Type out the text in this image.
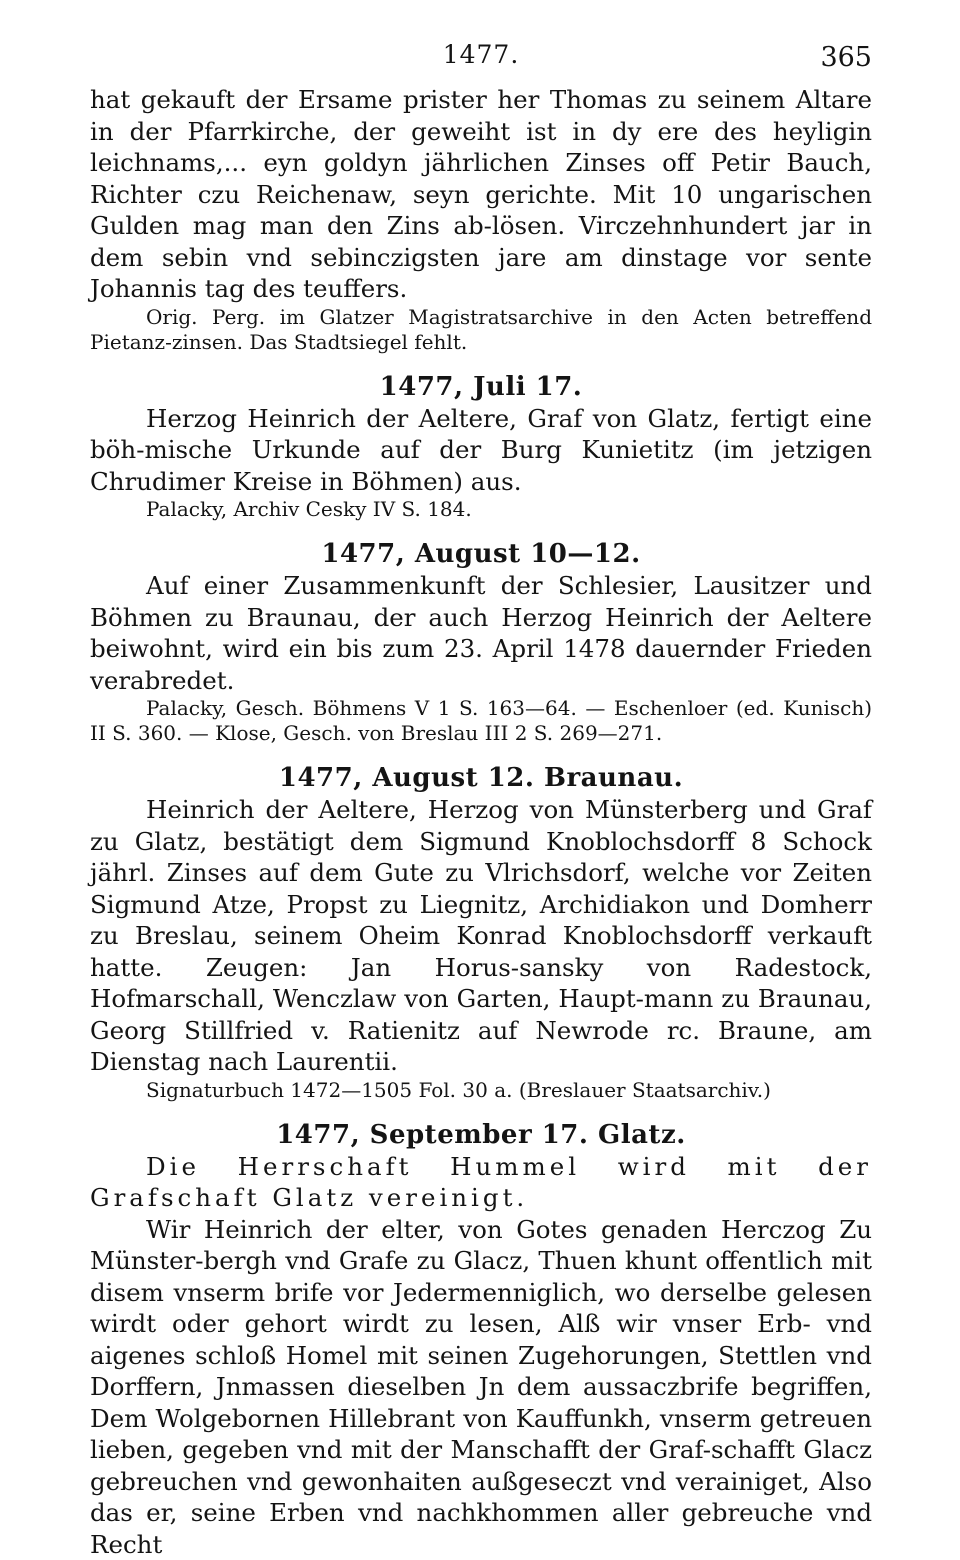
1477.	365

hat gekauft der Ersame prister her Thomas zu seinem Altare in der Pfarrkirche, der geweiht ist in dy ere des heyligin leichnams,... eyn goldyn jährlichen Zinses off Petir Bauch, Richter czu Reichenaw, seyn gerichte. Mit 10 ungarischen Gulden mag man den Zins ab-lösen. Virczehnhundert jar in dem sebin vnd sebinczigsten jare am dinstage vor sente Johannis tag des teuffers.

Orig. Perg. im Glatzer Magistratsarchive in den Acten betreffend Pietanz-zinsen. Das Stadtsiegel fehlt.

1477, Juli 17.

Herzog Heinrich der Aeltere, Graf von Glatz, fertigt eine böh-mische Urkunde auf der Burg Kunietitz (im jetzigen Chrudimer Kreise in Böhmen) aus.

Palacky, Archiv Cesky IV S. 184.

1477, August 10—12.

Auf einer Zusammenkunft der Schlesier, Lausitzer und Böhmen zu Braunau, der auch Herzog Heinrich der Aeltere beiwohnt, wird ein bis zum 23. April 1478 dauernder Frieden verabredet.

Palacky, Gesch. Böhmens V 1 S. 163—64. — Eschenloer (ed. Kunisch) II S. 360. — Klose, Gesch. von Breslau III 2 S. 269—271.

1477, August 12. Braunau.

Heinrich der Aeltere, Herzog von Münsterberg und Graf zu Glatz, bestätigt dem Sigmund Knoblochsdorff 8 Schock jährl. Zinses auf dem Gute zu Vlrichsdorf, welche vor Zeiten Sigmund Atze, Propst zu Liegnitz, Archidiakon und Domherr zu Breslau, seinem Oheim Konrad Knoblochsdorff verkauft hatte. Zeugen: Jan Horus-sansky von Radestock, Hofmarschall, Wenczlaw von Garten, Haupt-mann zu Braunau, Georg Stillfried v. Ratienitz auf Newrode rc. Braune, am Dienstag nach Laurentii.

Signaturbuch 1472—1505 Fol. 30 a. (Breslauer Staatsarchiv.)

1477, September 17. Glatz.

Die Herrschaft Hummel wird mit der Grafschaft Glatz vereinigt.

Wir Heinrich der elter, von Gotes genaden Herczog Zu Münster-bergh vnd Grafe zu Glacz, Thuen khunt offentlich mit disem vnserm brife vor Jedermenniglich, wo derselbe gelesen wirdt oder gehort wirdt zu lesen, Alß wir vnser Erb- vnd aigenes schloß Homel mit seinen Zugehorungen, Stettlen vnd Dorffern, Jnmassen dieselben Jn dem aussaczbrife begriffen, Dem Wolgebornen Hillebrant von Kauffunkh, vnserm getreuen lieben, gegeben vnd mit der Manschafft der Graf-schafft Glacz gebreuchen vnd gewonhaiten außgeseczt vnd verainiget, Also das er, seine Erben vnd nachkhommen aller gebreuche vnd Recht
